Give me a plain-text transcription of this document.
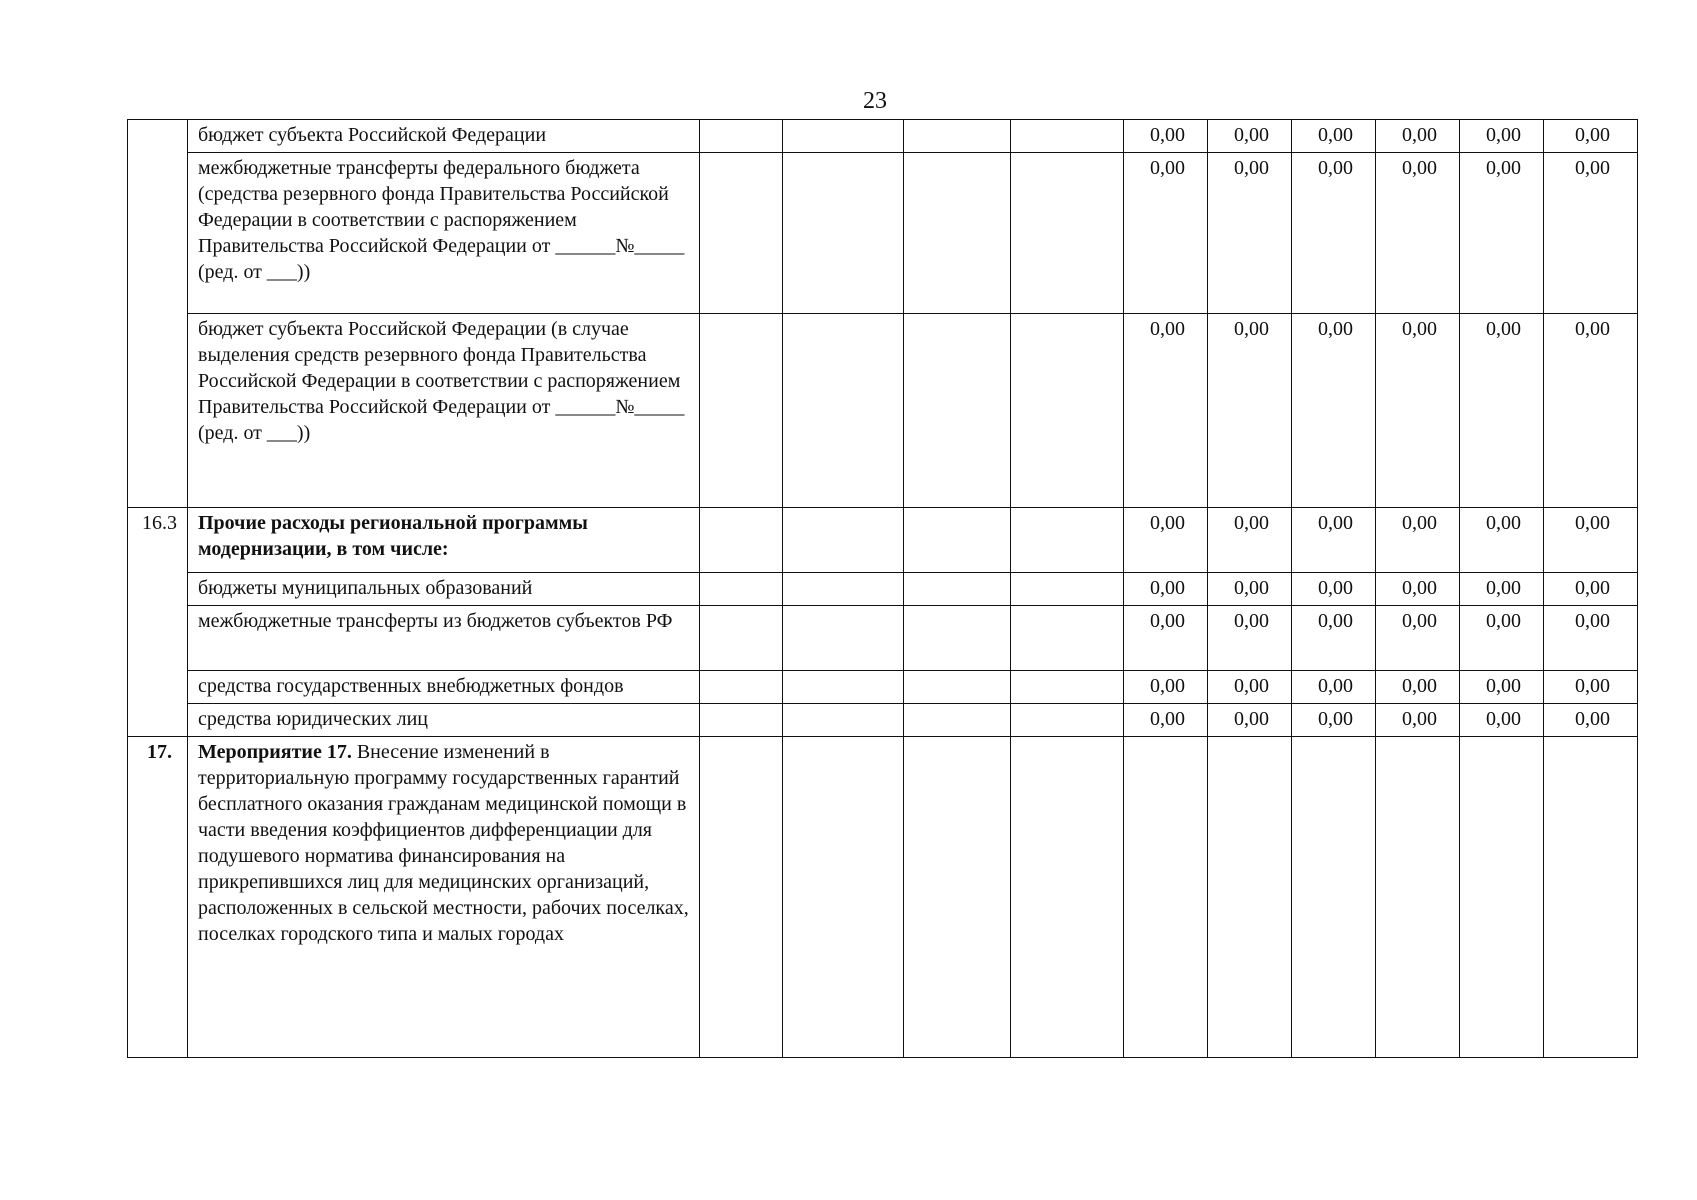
23
	бюджет субъекта Российской Федерации					0,00	0,00	0,00	0,00	0,00	0,00
	межбюджетные трансферты федерального бюджета (средства резервного фонда Правительства Российской Федерации в соответствии с распоряжением Правительства Российской Федерации от ______№_____ (ред. от ___))					0,00	0,00	0,00	0,00	0,00	0,00
	бюджет субъекта Российской Федерации (в случае выделения средств резервного фонда Правительства Российской Федерации в соответствии с распоряжением Правительства Российской Федерации от ______№_____ (ред. от ___))					0,00	0,00	0,00	0,00	0,00	0,00
16.3	Прочие расходы региональной программы модернизации, в том числе:					0,00	0,00	0,00	0,00	0,00	0,00
	бюджеты муниципальных образований					0,00	0,00	0,00	0,00	0,00	0,00
	межбюджетные трансферты из бюджетов субъектов РФ					0,00	0,00	0,00	0,00	0,00	0,00
	средства государственных внебюджетных фондов					0,00	0,00	0,00	0,00	0,00	0,00
	средства юридических лиц					0,00	0,00	0,00	0,00	0,00	0,00
17.	Мероприятие 17. Внесение изменений в территориальную программу государственных гарантий бесплатного оказания гражданам медицинской помощи в части введения коэффициентов дифференциации для подушевого норматива финансирования на прикрепившихся лиц для медицинских организаций, расположенных в сельской местности, рабочих поселках, поселках городского типа и малых городах										
